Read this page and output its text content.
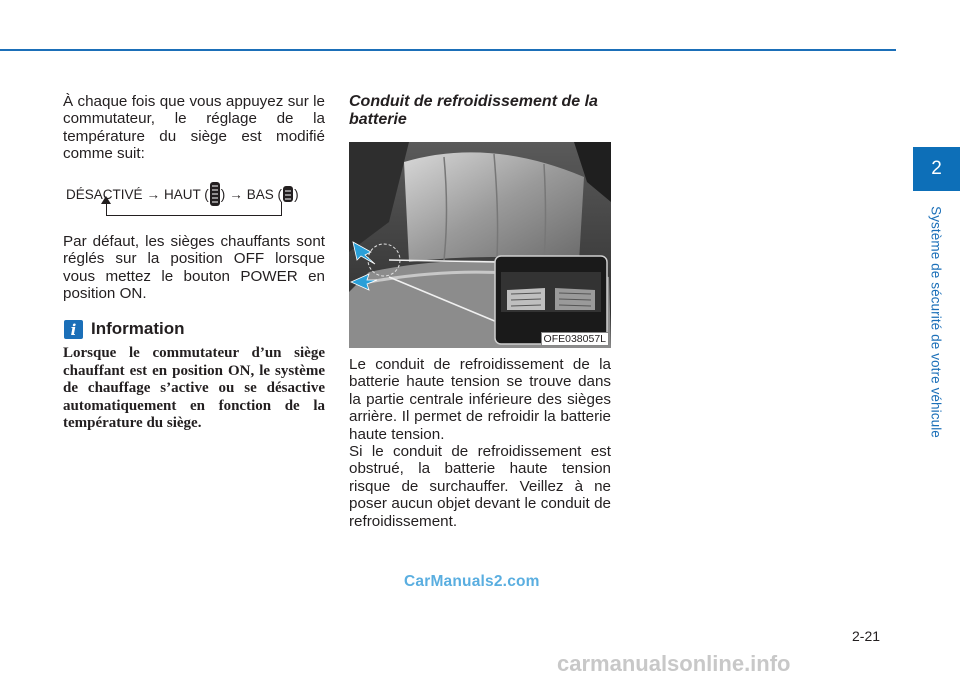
2
Système de sécurité de votre véhicule

À chaque fois que vous appuyez sur le commutateur, le réglage de la température du siège est modifié comme suit:

DÉSACTIVÉ → HAUT ( ) → BAS ( )

Par défaut, les sièges chauffants sont réglés sur la position OFF lorsque vous mettez le bouton POWER en position ON.

i Information

Lorsque le commutateur d’un siège chauffant est en position ON, le système de chauffage s’active ou se désactive automatiquement en fonction de la température du siège.

Conduit de refroidissement de la batterie
OFE038057L

Le conduit de refroidissement de la batterie haute tension se trouve dans la partie centrale inférieure des sièges arrière. Il permet de refroidir la batterie haute tension.

Si le conduit de refroidissement est obstrué, la batterie haute tension risque de surchauffer. Veillez à ne poser aucun objet devant le conduit de refroidissement.

CarManuals2.com
2-21
carmanualsonline.info
